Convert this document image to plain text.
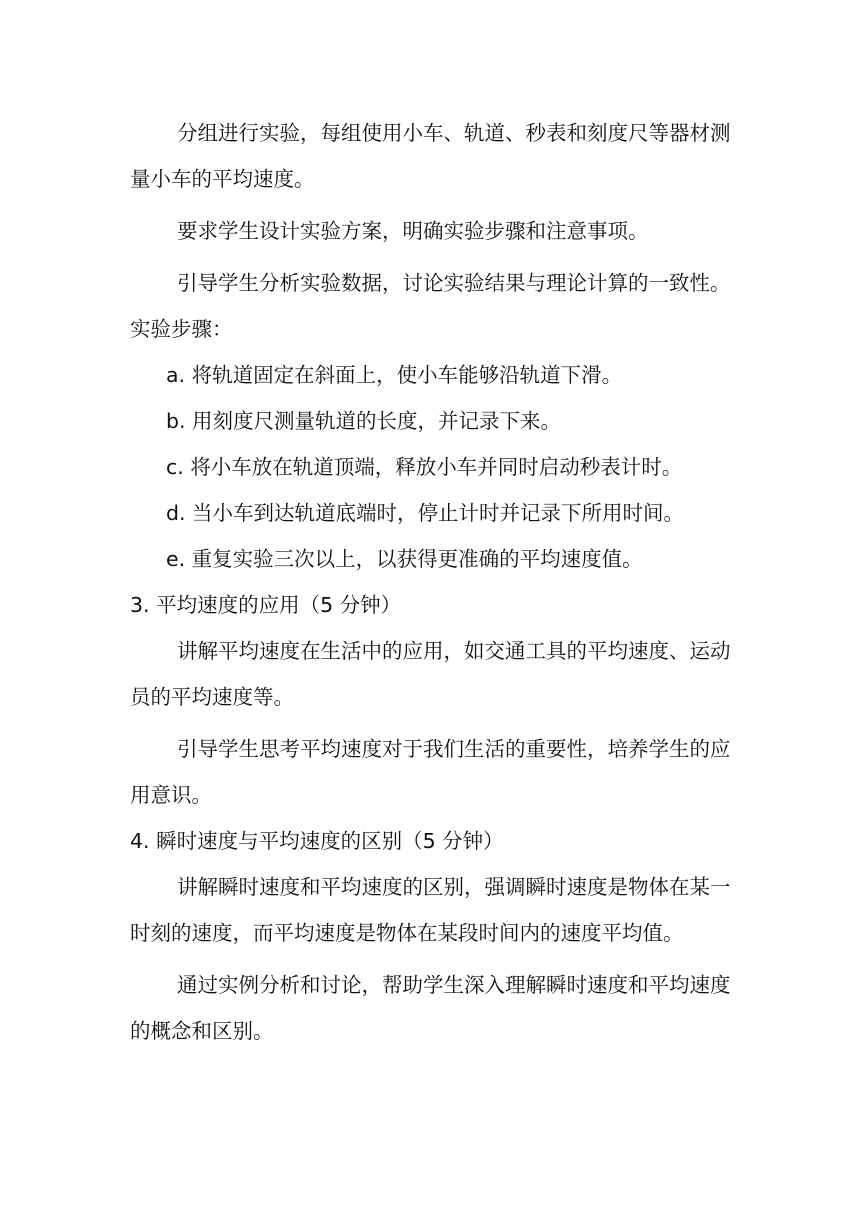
分组进行实验，每组使用小车、轨道、秒表和刻度尺等器材测量小车的平均速度。

要求学生设计实验方案，明确实验步骤和注意事项。

引导学生分析实验数据，讨论实验结果与理论计算的一致性。

实验步骤：

a. 将轨道固定在斜面上，使小车能够沿轨道下滑。
b. 用刻度尺测量轨道的长度，并记录下来。
c. 将小车放在轨道顶端，释放小车并同时启动秒表计时。
d. 当小车到达轨道底端时，停止计时并记录下所用时间。
e. 重复实验三次以上，以获得更准确的平均速度值。

3. 平均速度的应用（5 分钟）

讲解平均速度在生活中的应用，如交通工具的平均速度、运动员的平均速度等。

引导学生思考平均速度对于我们生活的重要性，培养学生的应用意识。

4. 瞬时速度与平均速度的区别（5 分钟）

讲解瞬时速度和平均速度的区别，强调瞬时速度是物体在某一时刻的速度，而平均速度是物体在某段时间内的速度平均值。

通过实例分析和讨论，帮助学生深入理解瞬时速度和平均速度的概念和区别。
